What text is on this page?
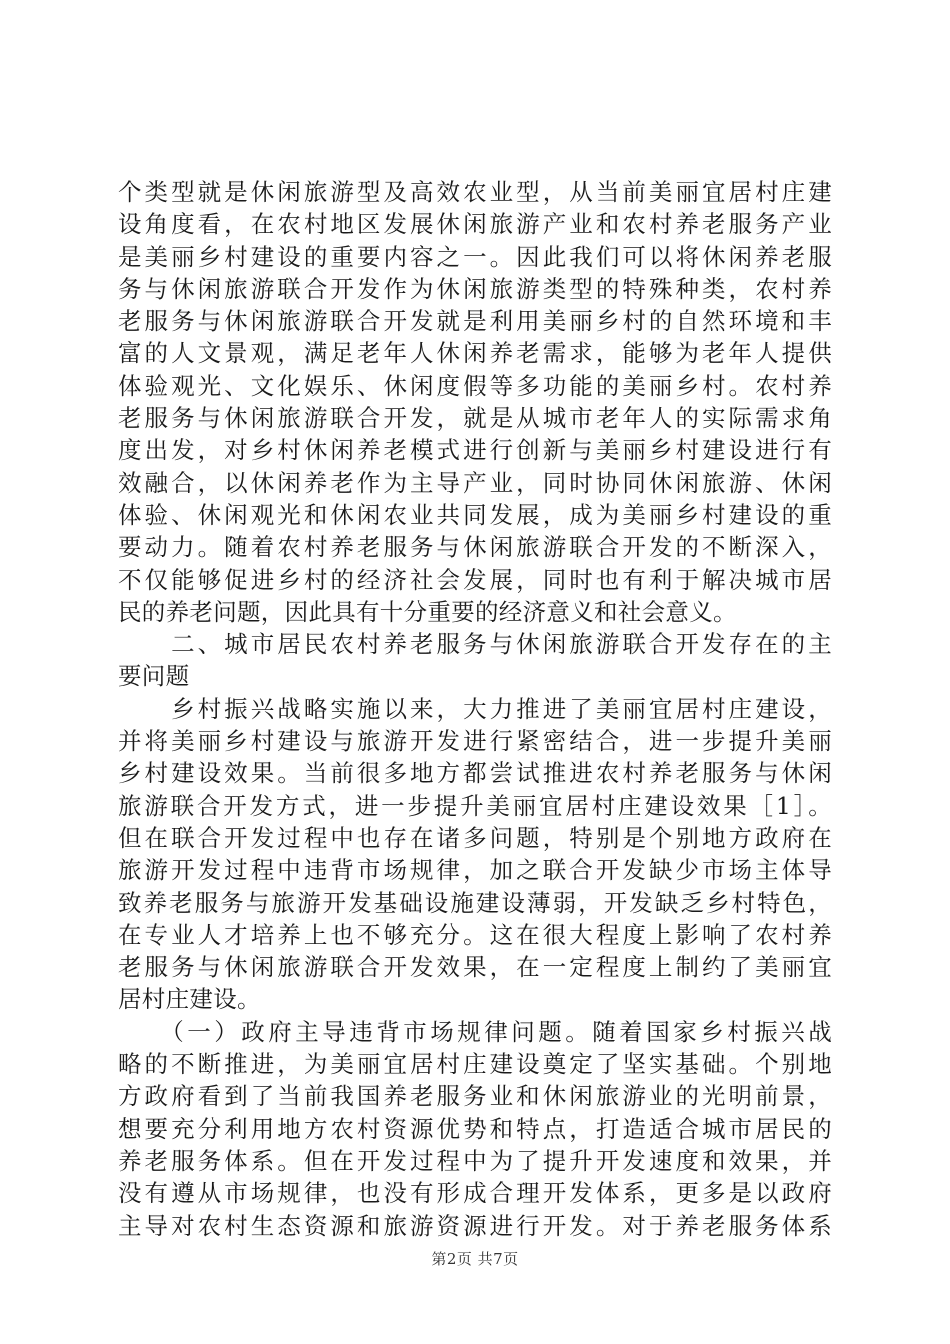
个类型就是休闲旅游型及高效农业型，从当前美丽宜居村庄建
设角度看，在农村地区发展休闲旅游产业和农村养老服务产业
是美丽乡村建设的重要内容之一。因此我们可以将休闲养老服
务与休闲旅游联合开发作为休闲旅游类型的特殊种类，农村养
老服务与休闲旅游联合开发就是利用美丽乡村的自然环境和丰
富的人文景观，满足老年人休闲养老需求，能够为老年人提供
体验观光、文化娱乐、休闲度假等多功能的美丽乡村。农村养
老服务与休闲旅游联合开发，就是从城市老年人的实际需求角
度出发，对乡村休闲养老模式进行创新与美丽乡村建设进行有
效融合，以休闲养老作为主导产业，同时协同休闲旅游、休闲
体验、休闲观光和休闲农业共同发展，成为美丽乡村建设的重
要动力。随着农村养老服务与休闲旅游联合开发的不断深入，
不仅能够促进乡村的经济社会发展，同时也有利于解决城市居
民的养老问题，因此具有十分重要的经济意义和社会意义。
　　二、城市居民农村养老服务与休闲旅游联合开发存在的主
要问题
　　乡村振兴战略实施以来，大力推进了美丽宜居村庄建设，
并将美丽乡村建设与旅游开发进行紧密结合，进一步提升美丽
乡村建设效果。当前很多地方都尝试推进农村养老服务与休闲
旅游联合开发方式，进一步提升美丽宜居村庄建设效果［1］。
但在联合开发过程中也存在诸多问题，特别是个别地方政府在
旅游开发过程中违背市场规律，加之联合开发缺少市场主体导
致养老服务与旅游开发基础设施建设薄弱，开发缺乏乡村特色，
在专业人才培养上也不够充分。这在很大程度上影响了农村养
老服务与休闲旅游联合开发效果，在一定程度上制约了美丽宜
居村庄建设。
　　（一）政府主导违背市场规律问题。随着国家乡村振兴战
略的不断推进，为美丽宜居村庄建设奠定了坚实基础。个别地
方政府看到了当前我国养老服务业和休闲旅游业的光明前景，
想要充分利用地方农村资源优势和特点，打造适合城市居民的
养老服务体系。但在开发过程中为了提升开发速度和效果，并
没有遵从市场规律，也没有形成合理开发体系，更多是以政府
主导对农村生态资源和旅游资源进行开发。对于养老服务体系
第2页 共7页
